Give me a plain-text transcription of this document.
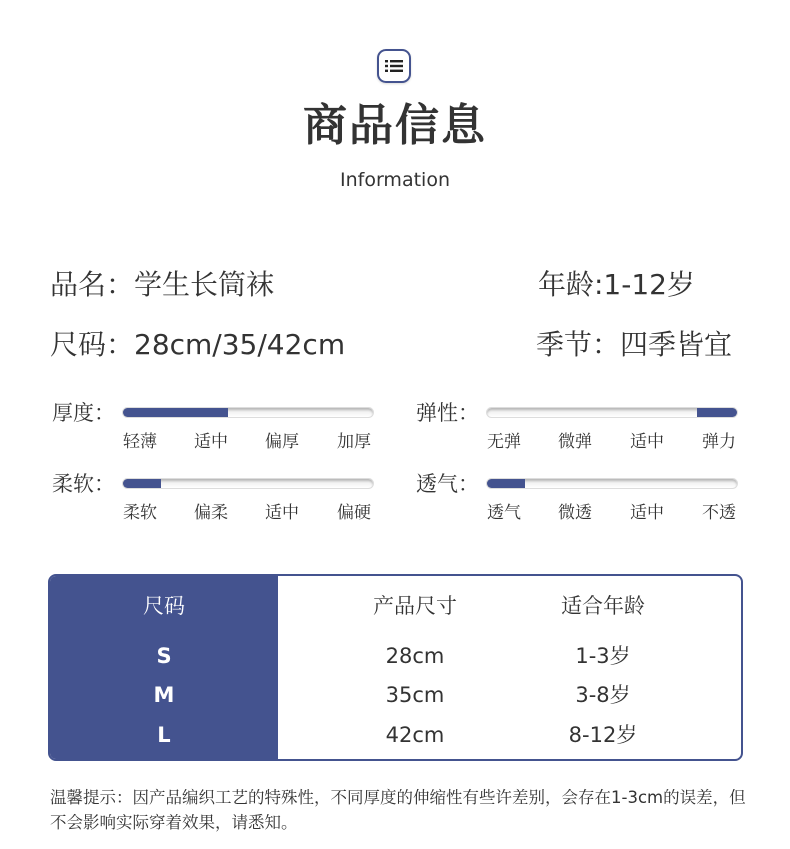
商品信息
Information
品名：学生长筒袜	年龄:1-12岁
尺码：28cm/35/42cm	季节：四季皆宜
厚度：
轻薄 适中 偏厚 加厚
弹性：
无弹 微弹 适中 弹力
柔软：
柔软 偏柔 适中 偏硬
透气：
透气 微透 适中 不透
尺码	产品尺寸	适合年龄
S	28cm	1-3岁
M	35cm	3-8岁
L	42cm	8-12岁
温馨提示：因产品编织工艺的特殊性，不同厚度的伸缩性有些许差别，会存在1-3cm的误差，但不会影响实际穿着效果，请悉知。
